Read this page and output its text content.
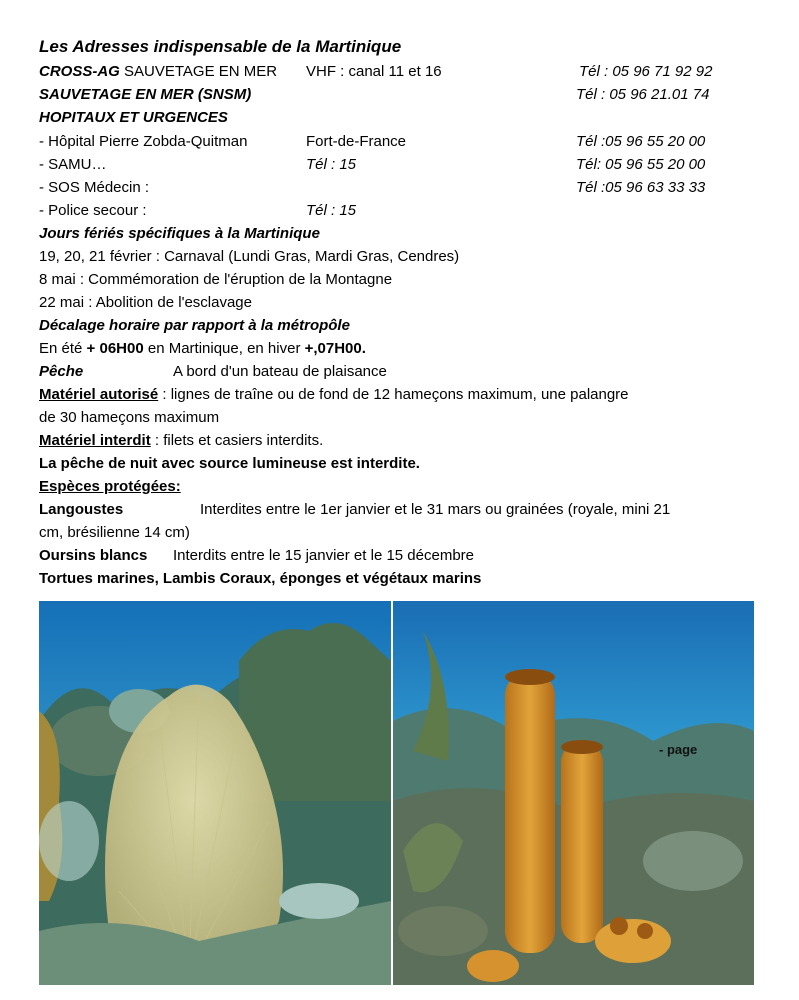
Les Adresses indispensable de la Martinique
CROSS-AG SAUVETAGE EN MER VHF : canal 11 et 16	Tél : 05 96 71 92 92
SAUVETAGE EN MER (SNSM)	Tél : 05 96 21.01 74
HOPITAUX ET URGENCES
- Hôpital Pierre Zobda-Quitman	Fort-de-France	Tél :05 96 55 20 00
- SAMU…	Tél : 15	Tél: 05 96 55 20 00
- SOS Médecin :	Tél :05 96 63 33 33
- Police secour :	Tél : 15
Jours fériés spécifiques à la Martinique
19, 20, 21 février : Carnaval (Lundi Gras, Mardi Gras, Cendres)
8 mai : Commémoration de l'éruption de la Montagne
22 mai : Abolition de l'esclavage
Décalage horaire par rapport à la métropôle
En été + 06H00 en Martinique, en hiver +,07H00.
Pêche	A bord d'un bateau de plaisance
Matériel autorisé : lignes de traîne ou de fond de 12 hameçons maximum, une palangre
de 30 hameçons maximum
Matériel interdit : filets et casiers interdits.
La pêche de nuit avec source lumineuse est interdite.
Espèces protégées:
Langoustes	Interdites entre le 1er janvier et le 31 mars ou grainées (royale, mini 21
cm, brésilienne 14 cm)
Oursins blancs Interdits entre le 15 janvier et le 15 décembre
Tortues marines, Lambis Coraux, éponges et végétaux marins
- page
